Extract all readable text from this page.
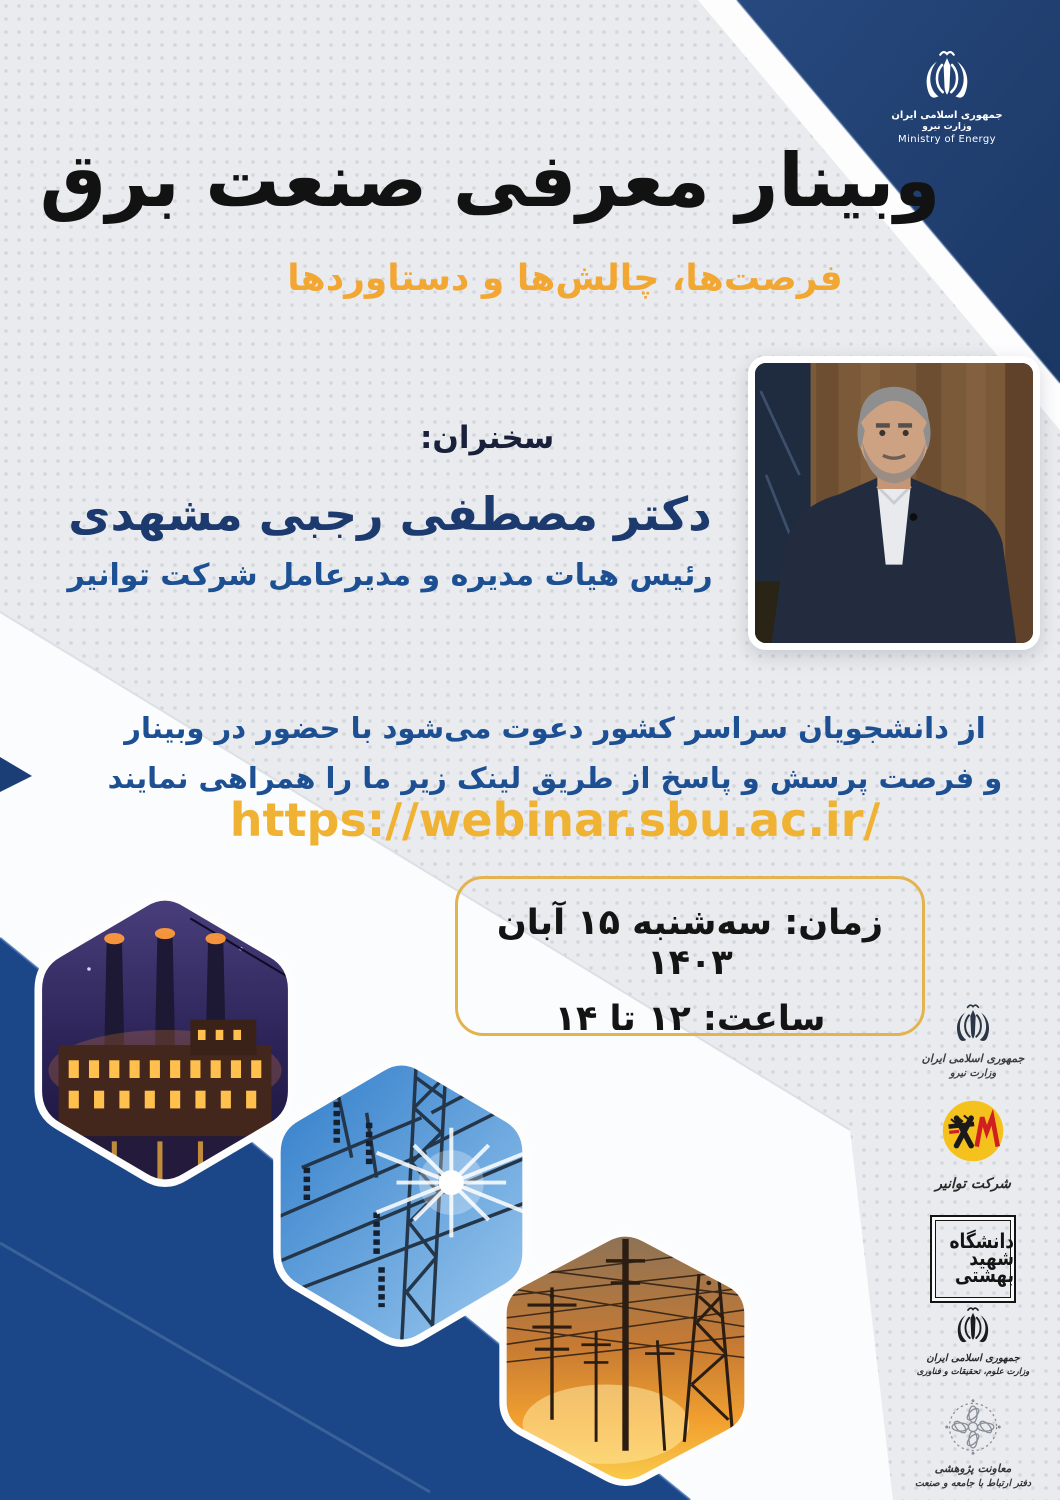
جمهوری اسلامی ایران
وزارت نیرو
Ministry of Energy
وبینار معرفی صنعت برق
فرصت‌ها، چالش‌ها و دستاوردها
سخنران:
دکتر مصطفی رجبی مشهدی
رئیس هیات مدیره و مدیرعامل شرکت توانیر
از دانشجویان سراسر کشور دعوت می‌شود با حضور در وبینار
و فرصت پرسش و پاسخ از طریق لینک زیر ما را همراهی نمایند
https://webinar.sbu.ac.ir/
زمان: سه‌شنبه ۱۵ آبان ۱۴۰۳
ساعت: ۱۲ تا ۱۴
جمهوری اسلامی ایران
وزارت نیرو
شرکت توانیر
دانشگاه
شهید
بهشتی
جمهوری اسلامی ایران
وزارت علوم، تحقیقات و فناوری
معاونت پژوهشی
دفتر ارتباط با جامعه و صنعت
